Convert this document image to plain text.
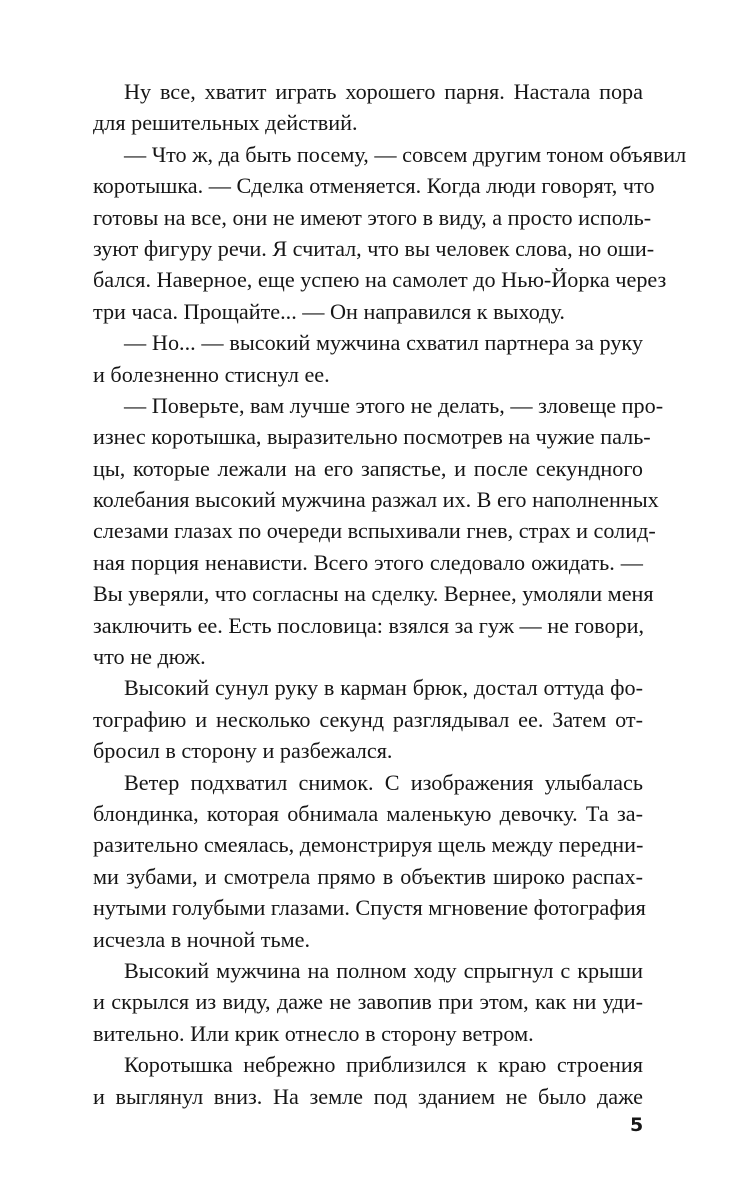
Ну все, хватит играть хорошего парня. Настала пора
для решительных действий.
— Что ж, да быть посему, — совсем другим тоном объявил
коротышка. — Сделка отменяется. Когда люди говорят, что
готовы на все, они не имеют этого в виду, а просто исполь-
зуют фигуру речи. Я считал, что вы человек слова, но оши-
бался. Наверное, еще успею на самолет до Нью-Йорка через
три часа. Прощайте... — Он направился к выходу.
— Но... — высокий мужчина схватил партнера за руку
и болезненно стиснул ее.
— Поверьте, вам лучше этого не делать, — зловеще про-
изнес коротышка, выразительно посмотрев на чужие паль-
цы, которые лежали на его запястье, и после секундного
колебания высокий мужчина разжал их. В его наполненных
слезами глазах по очереди вспыхивали гнев, страх и солид-
ная порция ненависти. Всего этого следовало ожидать. —
Вы уверяли, что согласны на сделку. Вернее, умоляли меня
заключить ее. Есть пословица: взялся за гуж — не говори,
что не дюж.
Высокий сунул руку в карман брюк, достал оттуда фо-
тографию и несколько секунд разглядывал ее. Затем от-
бросил в сторону и разбежался.
Ветер подхватил снимок. С изображения улыбалась
блондинка, которая обнимала маленькую девочку. Та за-
разительно смеялась, демонстрируя щель между передни-
ми зубами, и смотрела прямо в объектив широко распах-
нутыми голубыми глазами. Спустя мгновение фотография
исчезла в ночной тьме.
Высокий мужчина на полном ходу спрыгнул с крыши
и скрылся из виду, даже не завопив при этом, как ни уди-
вительно. Или крик отнесло в сторону ветром.
Коротышка небрежно приблизился к краю строения
и выглянул вниз. На земле под зданием не было даже
5
